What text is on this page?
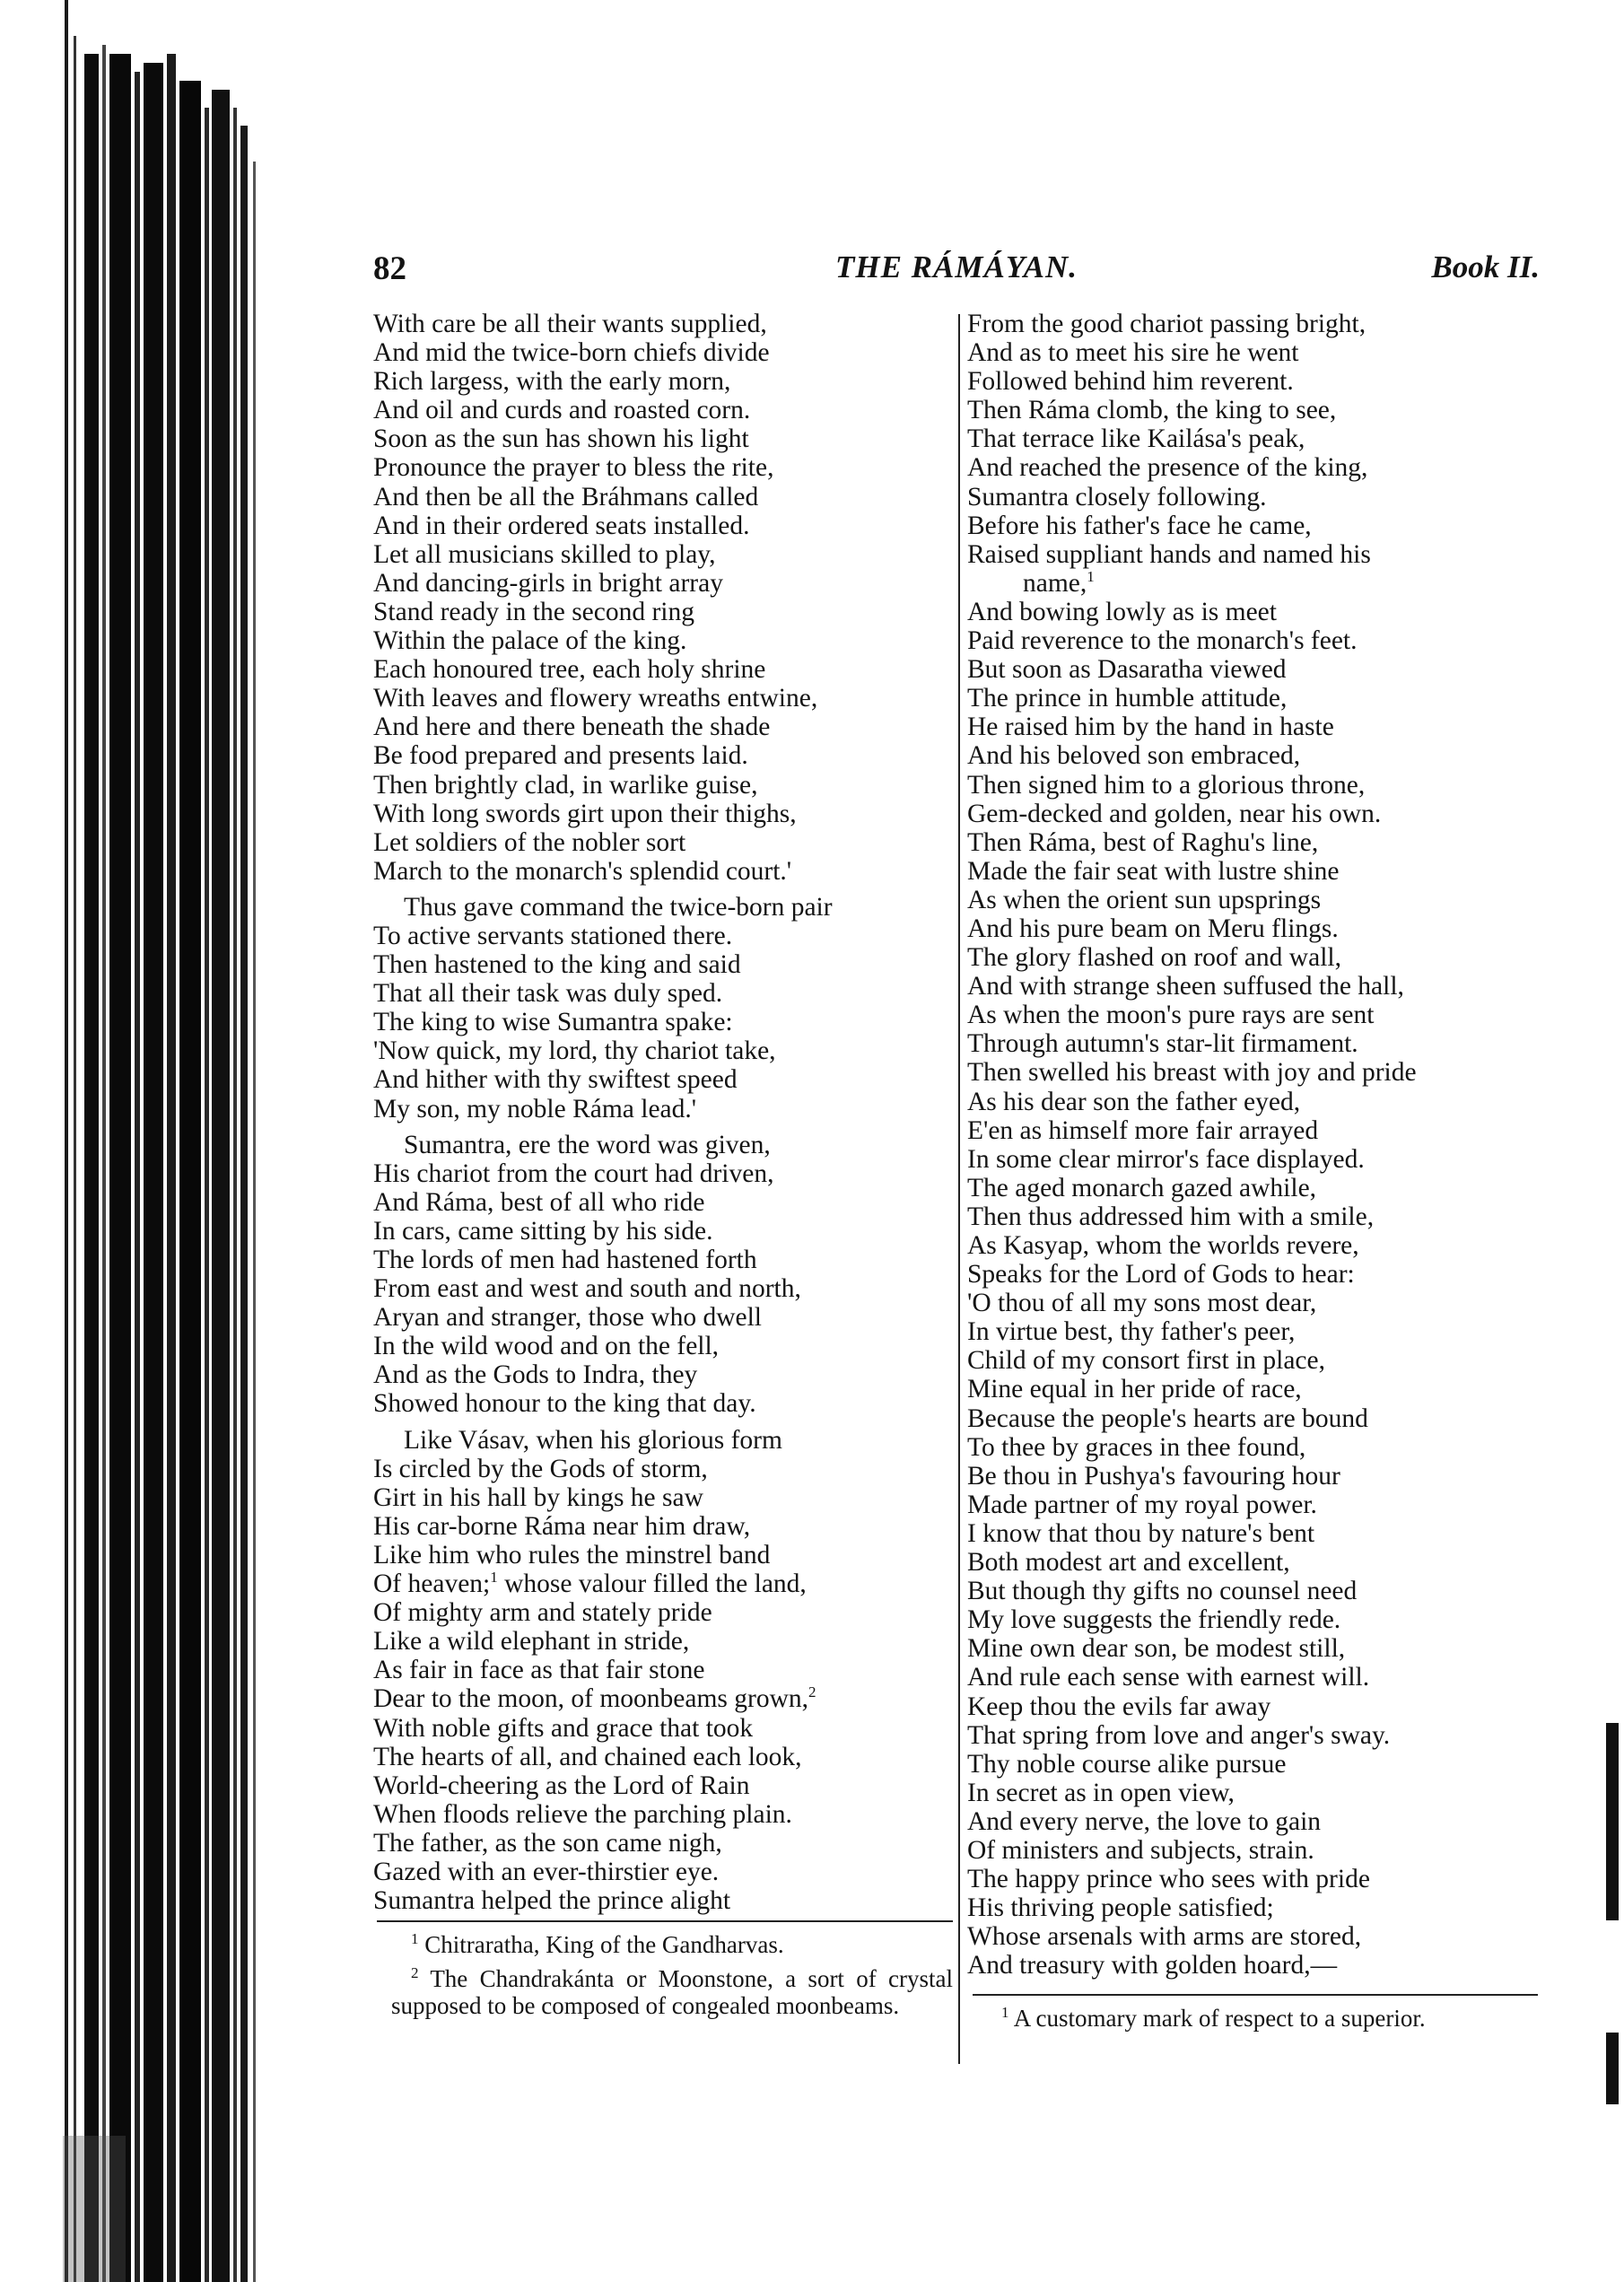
82	THE RÁMÁYAN.	Book II.
With care be all their wants supplied,
And mid the twice-born chiefs divide
Rich largess, with the early morn,
And oil and curds and roasted corn.
Soon as the sun has shown his light
Pronounce the prayer to bless the rite,
And then be all the Bráhmans called
And in their ordered seats installed.
Let all musicians skilled to play,
And dancing-girls in bright array
Stand ready in the second ring
Within the palace of the king.
Each honoured tree, each holy shrine
With leaves and flowery wreaths entwine,
And here and there beneath the shade
Be food prepared and presents laid.
Then brightly clad, in warlike guise,
With long swords girt upon their thighs,
Let soldiers of the nobler sort
March to the monarch's splendid court.'
Thus gave command the twice-born pair
To active servants stationed there.
Then hastened to the king and said
That all their task was duly sped.
The king to wise Sumantra spake:
'Now quick, my lord, thy chariot take,
And hither with thy swiftest speed
My son, my noble Ráma lead.'
Sumantra, ere the word was given,
His chariot from the court had driven,
And Ráma, best of all who ride
In cars, came sitting by his side.
The lords of men had hastened forth
From east and west and south and north,
Aryan and stranger, those who dwell
In the wild wood and on the fell,
And as the Gods to Indra, they
Showed honour to the king that day.
Like Vásav, when his glorious form
Is circled by the Gods of storm,
Girt in his hall by kings he saw
His car-borne Ráma near him draw,
Like him who rules the minstrel band
Of heaven;$^1$ whose valour filled the land,
Of mighty arm and stately pride
Like a wild elephant in stride,
As fair in face as that fair stone
Dear to the moon, of moonbeams grown,$^2$
With noble gifts and grace that took
The hearts of all, and chained each look,
World-cheering as the Lord of Rain
When floods relieve the parching plain.
The father, as the son came nigh,
Gazed with an ever-thirstier eye.
Sumantra helped the prince alight
From the good chariot passing bright,
And as to meet his sire he went
Followed behind him reverent.
Then Ráma clomb, the king to see,
That terrace like Kailása's peak,
And reached the presence of the king,
Sumantra closely following.
Before his father's face he came,
Raised suppliant hands and named his
name,$^1$
And bowing lowly as is meet
Paid reverence to the monarch's feet.
But soon as Dasaratha viewed
The prince in humble attitude,
He raised him by the hand in haste
And his beloved son embraced,
Then signed him to a glorious throne,
Gem-decked and golden, near his own.
Then Ráma, best of Raghu's line,
Made the fair seat with lustre shine
As when the orient sun upsprings
And his pure beam on Meru flings.
The glory flashed on roof and wall,
And with strange sheen suffused the hall,
As when the moon's pure rays are sent
Through autumn's star-lit firmament.
Then swelled his breast with joy and pride
As his dear son the father eyed,
E'en as himself more fair arrayed
In some clear mirror's face displayed.
The aged monarch gazed awhile,
Then thus addressed him with a smile,
As Kasyap, whom the worlds revere,
Speaks for the Lord of Gods to hear:
'O thou of all my sons most dear,
In virtue best, thy father's peer,
Child of my consort first in place,
Mine equal in her pride of race,
Because the people's hearts are bound
To thee by graces in thee found,
Be thou in Pushya's favouring hour
Made partner of my royal power.
I know that thou by nature's bent
Both modest art and excellent,
But though thy gifts no counsel need
My love suggests the friendly rede.
Mine own dear son, be modest still,
And rule each sense with earnest will.
Keep thou the evils far away
That spring from love and anger's sway.
Thy noble course alike pursue
In secret as in open view,
And every nerve, the love to gain
Of ministers and subjects, strain.
The happy prince who sees with pride
His thriving people satisfied;
Whose arsenals with arms are stored,
And treasury with golden hoard,—

$^1$ Chitraratha, King of the Gandharvas.

$^2$ The Chandrakánta or Moonstone, a sort of crystal supposed to be composed of congealed moonbeams.	$^1$ A customary mark of respect to a superior.
